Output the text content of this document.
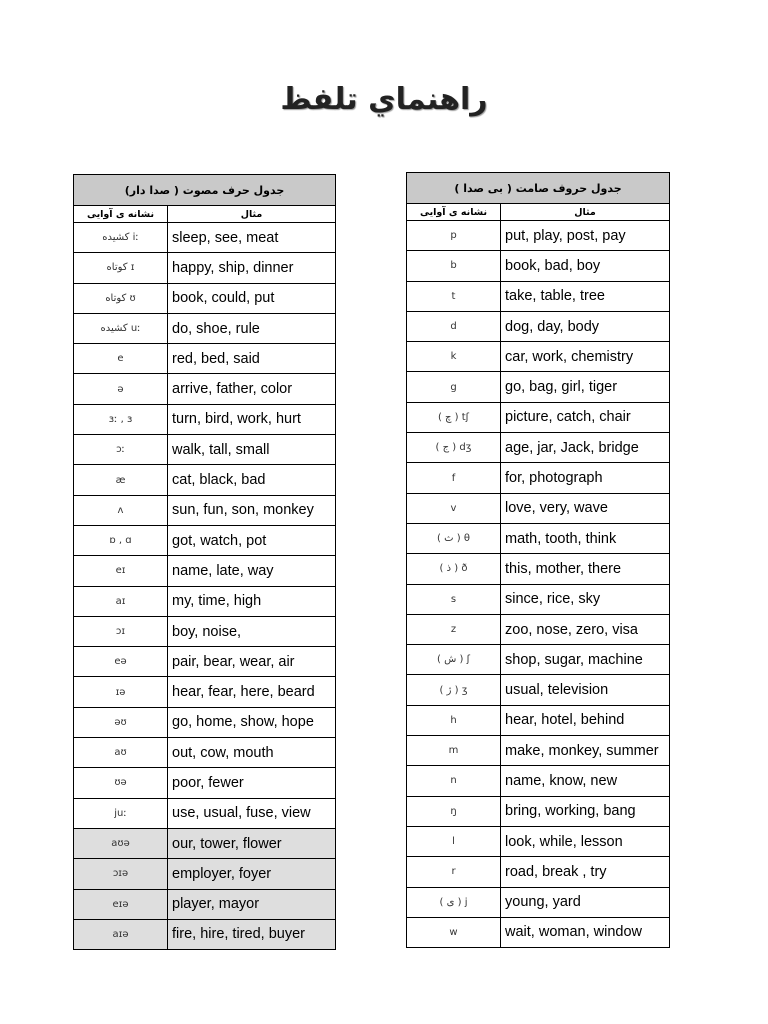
راهنماي تلفظ
جدول حرف مصوت ( صدا دار)	
نشانه ی آوایی	مثال
كشيده iː	sleep, see, meat
كوتاه ɪ	happy, ship, dinner
كوتاه ʊ	book, could, put
كشيده uː	do, shoe, rule
e	red, bed, said
ə	arrive, father, color
ɜː , ɜ	turn, bird, work, hurt
ɔː	walk, tall, small
æ	cat, black, bad
ʌ	sun, fun, son, monkey
ɒ , ɑ	got, watch, pot
eɪ	name, late, way
aɪ	my, time, high
ɔɪ	boy, noise,
eə	pair, bear, wear, air
ɪə	hear, fear, here, beard
əʊ	go, home, show, hope
aʊ	out, cow, mouth
ʊə	poor, fewer
juː	use, usual, fuse, view
aʊə	our, tower, flower
ɔɪə	employer, foyer
eɪə	player, mayor
aɪə	fire, hire, tired, buyer
جدول حروف صامت ( بی صدا )	
نشانه ی آوایی	مثال
p	put, play, post, pay
b	book, bad, boy
t	take, table, tree
d	dog, day, body
k	car, work, chemistry
g	go, bag, girl, tiger
( چ ) tʃ	picture, catch, chair
( ج ) dʒ	age, jar, Jack, bridge
f	for, photograph
v	love, very, wave
( ث ) θ	math, tooth, think
( ذ ) ð	this, mother, there
s	since, rice, sky
z	zoo, nose, zero, visa
( ش ) ʃ	shop, sugar, machine
( ژ ) ʒ	usual, television
h	hear, hotel, behind
m	make, monkey, summer
n	name, know, new
ŋ	bring, working, bang
l	look, while, lesson
r	road, break , try
( ی ) j	young, yard
w	wait, woman, window
